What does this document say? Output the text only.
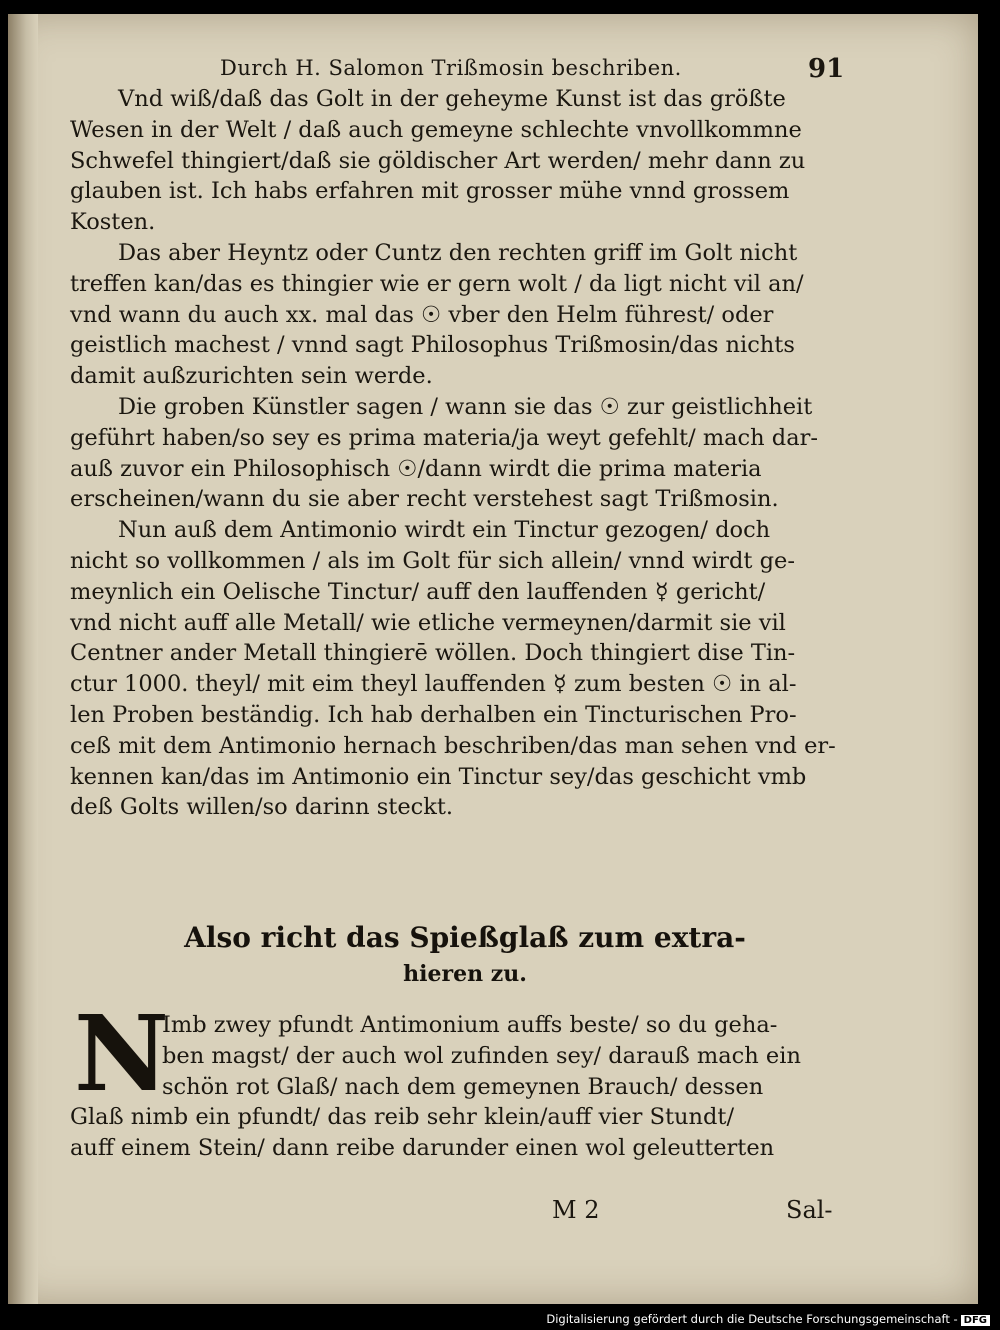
Durch H. Salomon Trißmosin beschriben.	91
Vnd wiß/daß das Golt in der geheyme Kunst ist das größte
Wesen in der Welt / daß auch gemeyne schlechte vnvollkommne
Schwefel thingiert/daß sie göldischer Art werden/ mehr dann zu
glauben ist. Ich habs erfahren mit grosser mühe vnnd grossem
Kosten.
Das aber Heyntz oder Cuntz den rechten griff im Golt nicht
treffen kan/das es thingier wie er gern wolt / da ligt nicht vil an/
vnd wann du auch xx. mal das ☉ vber den Helm führest/ oder
geistlich machest / vnnd sagt Philosophus Trißmosin/das nichts
damit außzurichten sein werde.
Die groben Künstler sagen / wann sie das ☉ zur geistlichheit
geführt haben/so sey es prima materia/ja weyt gefehlt/ mach dar-
auß zuvor ein Philosophisch ☉/dann wirdt die prima materia
erscheinen/wann du sie aber recht verstehest sagt Trißmosin.
Nun auß dem Antimonio wirdt ein Tinctur gezogen/ doch
nicht so vollkommen / als im Golt für sich allein/ vnnd wirdt ge-
meynlich ein Oelische Tinctur/ auff den lauffenden ☿ gericht/
vnd nicht auff alle Metall/ wie etliche vermeynen/darmit sie vil
Centner ander Metall thingierē wöllen. Doch thingiert dise Tin-
ctur 1000. theyl/ mit eim theyl lauffenden ☿ zum besten ☉ in al-
len Proben beständig. Ich hab derhalben ein Tincturischen Pro-
ceß mit dem Antimonio hernach beschriben/das man sehen vnd er-
kennen kan/das im Antimonio ein Tinctur sey/das geschicht vmb
deß Golts willen/so darinn steckt.
Also richt das Spießglaß zum extra-
hieren zu.
N
Imb zwey pfundt Antimonium auffs beste/ so du geha-
ben magst/ der auch wol zufinden sey/ darauß mach ein
schön rot Glaß/ nach dem gemeynen Brauch/ dessen
Glaß nimb ein pfundt/ das reib sehr klein/auff vier Stundt/
auff einem Stein/ dann reibe darunder einen wol geleutterten
M 2	Sal-
Digitalisierung gefördert durch die Deutsche Forschungsgemeinschaft - DFG
